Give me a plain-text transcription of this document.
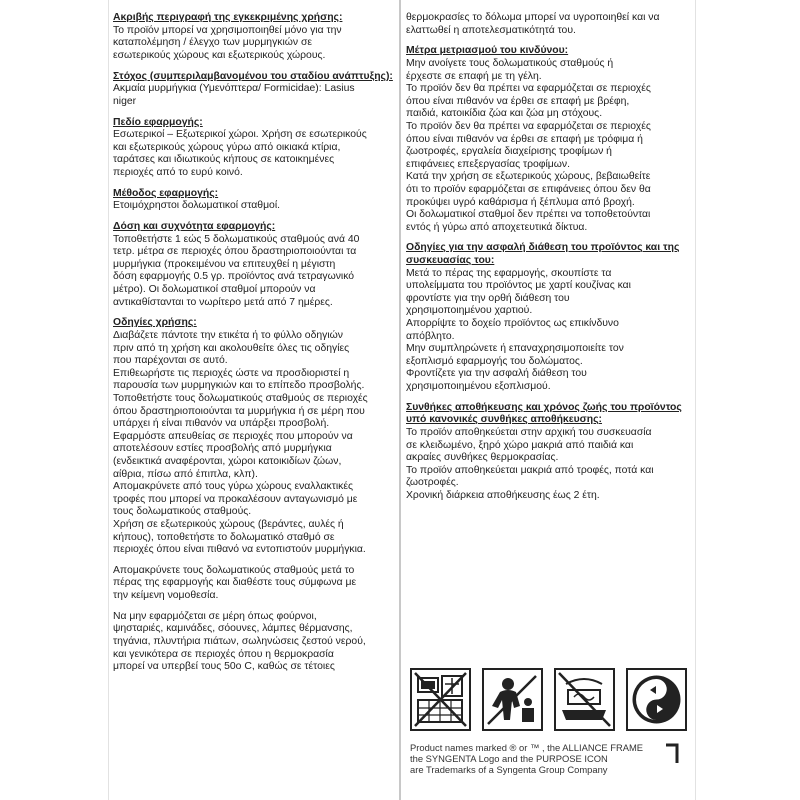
Ακριβής περιγραφή της εγκεκριμένης χρήσης:
Το προϊόν μπορεί να χρησιμοποιηθεί μόνο για την
καταπολέμηση / έλεγχο των μυρμηγκιών σε
εσωτερικούς χώρους και εξωτερικούς χώρους.
Στόχος (συμπεριλαμβανομένου του σταδίου ανάπτυξης):
Ακμαία μυρμήγκια (Υμενόπτερα/ Formicidae): Lasius
niger
Πεδίο εφαρμογής:
Εσωτερικοί – Εξωτερικοί χώροι. Χρήση σε εσωτερικούς
και εξωτερικούς χώρους γύρω από οικιακά κτίρια,
ταράτσες και ιδιωτικούς κήπους σε κατοικημένες
περιοχές από το ευρύ κοινό.
Μέθοδος εφαρμογής:
Ετοιμόχρηστοι δολωματικοί σταθμοί.
Δόση και συχνότητα εφαρμογής:
Τοποθετήστε 1 εώς 5 δολωματικούς σταθμούς ανά 40
τετρ. μέτρα σε περιοχές όπου δραστηριοποιούνται τα
μυρμήγκια (προκειμένου να επιτευχθεί η μέγιστη
δόση εφαρμογής 0.5 γρ. προϊόντος ανά τετραγωνικό
μέτρο). Οι δολωματικοί σταθμοί μπορούν να
αντικαθίστανται το νωρίτερο μετά από 7 ημέρες.
Οδηγίες χρήσης:
Διαβάζετε πάντοτε την ετικέτα ή το φύλλο οδηγιών
πριν από τη χρήση και ακολουθείτε όλες τις οδηγίες
που παρέχονται σε αυτό.
Επιθεωρήστε τις περιοχές ώστε να προσδιοριστεί η
παρουσία των μυρμηγκιών και το επίπεδο προσβολής.
Τοποθετήστε τους δολωματικούς σταθμούς σε περιοχές
όπου δραστηριοποιούνται τα μυρμήγκια ή σε μέρη που
υπάρχει ή είναι πιθανόν να υπάρξει προσβολή.
Εφαρμόστε απευθείας σε περιοχές που μπορούν να
αποτελέσουν εστίες προσβολής από μυρμήγκια
(ενδεικτικά αναφέρονται, χώροι κατοικιδίων ζώων,
αίθρια, πίσω από έπιπλα, κλπ).
Απομακρύνετε από τους γύρω χώρους εναλλακτικές
τροφές που μπορεί να προκαλέσουν ανταγωνισμό με
τους δολωματικούς σταθμούς.
Χρήση σε εξωτερικούς χώρους (βεράντες, αυλές ή
κήπους), τοποθετήστε το δολωματικό σταθμό σε
περιοχές όπου είναι πιθανό να εντοπιστούν μυρμήγκια.
Απομακρύνετε τους δολωματικούς σταθμούς μετά το
πέρας της εφαρμογής και διαθέστε τους σύμφωνα με
την κείμενη νομοθεσία.
Να μην εφαρμόζεται σε μέρη όπως φούρνοι,
ψησταριές, καμινάδες, σόουνες, λάμπες θέρμανσης,
τηγάνια, πλυντήρια πιάτων, σωληνώσεις ζεστού νερού,
και γενικότερα σε περιοχές όπου η θερμοκρασία
μπορεί να υπερβεί τους 50ο C, καθώς σε τέτοιες
θερμοκρασίες το δόλωμα μπορεί να υγροποιηθεί και να
ελαττωθεί η αποτελεσματικότητά του.
Μέτρα μετριασμού του κινδύνου:
Μην ανοίγετε τους δολωματικούς σταθμούς ή
έρχεστε σε επαφή με τη γέλη.
Το προϊόν δεν θα πρέπει να εφαρμόζεται σε περιοχές
όπου είναι πιθανόν να έρθει σε επαφή με βρέφη,
παιδιά, κατοικίδια ζώα και ζώα μη στόχους.
Το προϊόν δεν θα πρέπει να εφαρμόζεται σε περιοχές
όπου είναι πιθανόν να έρθει σε επαφή με τρόφιμα ή
ζωοτροφές, εργαλεία διαχείρισης τροφίμων ή
επιφάνειες επεξεργασίας τροφίμων.
Κατά την χρήση σε εξωτερικούς χώρους, βεβαιωθείτε
ότι το προϊόν εφαρμόζεται σε επιφάνειες όπου δεν θα
προκύψει υγρό καθάρισμα ή ξέπλυμα από βροχή.
Οι δολωματικοί σταθμοί δεν πρέπει να τοποθετούνται
εντός ή γύρω από αποχετευτικά δίκτυα.
Οδηγίες για την ασφαλή διάθεση του προϊόντος και της συσκευασίας του:
Μετά το πέρας της εφαρμογής, σκουπίστε τα
υπολείμματα του προϊόντος με χαρτί κουζίνας και
φροντίστε για την ορθή διάθεση του
χρησιμοποιημένου χαρτιού.
Απορρίψτε το δοχείο προϊόντος ως επικίνδυνο
απόβλητο.
Μην συμπληρώνετε ή επαναχρησιμοποιείτε τον
εξοπλισμό εφαρμογής του δολώματος.
Φροντίζετε για την ασφαλή διάθεση του
χρησιμοποιημένου εξοπλισμού.
Συνθήκες αποθήκευσης και χρόνος ζωής του προϊόντος υπό κανονικές συνθήκες αποθήκευσης:
Το προϊόν αποθηκεύεται στην αρχική του συσκευασία
σε κλειδωμένο, ξηρό χώρο μακριά από παιδιά και
ακραίες συνθήκες θερμοκρασίας.
Το προϊόν αποθηκεύεται μακριά από τροφές, ποτά και
ζωοτροφές.
Χρονική διάρκεια αποθήκευσης έως 2 έτη.
Product names marked ® or ™ , the ALLIANCE FRAME
the SYNGENTA Logo and the PURPOSE ICON
are Trademarks of a Syngenta Group Company
